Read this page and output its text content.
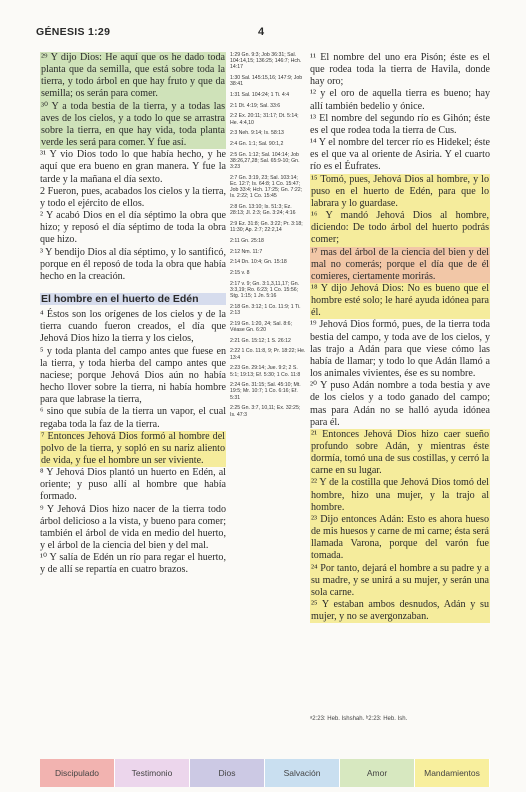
GÉNESIS 1:29	4

²⁹ Y dijo Dios: He aquí que os he dado toda planta que da semilla, que está sobre toda la tierra, y todo árbol en que hay fruto y que da semilla; os serán para comer.

³⁰ Y a toda bestia de la tierra, y a todas las aves de los cielos, y a todo lo que se arrastra sobre la tierra, en que hay vida, toda planta verde les será para comer. Y fue así.

³¹ Y vio Dios todo lo que había hecho, y he aquí que era bueno en gran manera. Y fue la tarde y la mañana el día sexto.

2 Fueron, pues, acabados los cielos y la tierra, y todo el ejército de ellos.

² Y acabó Dios en el día séptimo la obra que hizo; y reposó el día séptimo de toda la obra que hizo.

³ Y bendijo Dios al día séptimo, y lo santificó, porque en él reposó de toda la obra que había hecho en la creación.

El hombre en el huerto de Edén

⁴ Éstos son los orígenes de los cielos y de la tierra cuando fueron creados, el día que Jehová Dios hizo la tierra y los cielos,

⁵ y toda planta del campo antes que fuese en la tierra, y toda hierba del campo antes que naciese; porque Jehová Dios aún no había hecho llover sobre la tierra, ni había hombre para que labrase la tierra,

⁶ sino que subía de la tierra un vapor, el cual regaba toda la faz de la tierra.

⁷ Entonces Jehová Dios formó al hombre del polvo de la tierra, y sopló en su nariz aliento de vida, y fue el hombre un ser viviente.

⁸ Y Jehová Dios plantó un huerto en Edén, al oriente; y puso allí al hombre que había formado.

⁹ Y Jehová Dios hizo nacer de la tierra todo árbol delicioso a la vista, y bueno para comer; también el árbol de vida en medio del huerto, y el árbol de la ciencia del bien y del mal.

¹⁰ Y salía de Edén un río para regar el huerto, y de allí se repartía en cuatro brazos.

1:29 Gn. 9:3; Job 36:31; Sal. 104:14,15; 136:25; 146:7; Hch. 14:17
1:30 Sal. 145:15,16; 147:9; Job 38:41
1:31 Sal. 104:24; 1 Ti. 4:4
2:1 Dt. 4:19; Sal. 33:6
2:2 Ex. 20:11; 31:17; Dt. 5:14; He. 4:4,10
2:3 Neh. 9:14; Is. 58:13
2:4 Gn. 1:1; Sal. 90:1,2
2:5 Gn. 1:12; Sal. 104:14; Job 38:26,27,28; Sal. 65:9-10; Gn. 3:23
2:7 Gn. 3:19, 23; Sal. 103:14; Ec. 12:7; Is. 64:8; 1 Co. 15:47; Job 33:4; Hch. 17:25; Gn. 7:22; Is. 2:22; 1 Co. 15:45
2:8 Gn. 13:10; Is. 51:3; Ez. 28:13; Jl. 2:3; Gn. 3:24; 4:16
2:9 Ez. 31:8; Gn. 3:22; Pr. 3:18; 11:30; Ap. 2:7; 22:2,14
2:11 Gn. 25:18
2:12 Nm. 11:7
2:14 Dn. 10:4; Gn. 15:18
2:15 v. 8
2:17 v. 9; Gn. 3:1,3,11,17; Gn. 3:3,19; Ro. 6:23; 1 Co. 15:56; Stg. 1:15; 1 Jn. 5:16
2:18 Gn. 3:12; 1 Co. 11:9; 1 Ti. 2:13
2:19 Gn. 1:20, 24; Sal. 8:6; Véase Gn. 6:20
2:21 Gn. 15:12; 1 S. 26:12
2:22 1 Co. 11:8, 9; Pr. 18:22; He. 13:4
2:23 Gn. 29:14; Jue. 9:2; 2 S. 5:1; 19:13; Ef. 5:30; 1 Co. 11:8
2:24 Gn. 31:15; Sal. 45:10; Mt. 19:5; Mr. 10:7; 1 Co. 6:16; Ef. 5:31
2:25 Gn. 3:7, 10,11; Ex. 32:25; Is. 47:3

¹¹ El nombre del uno era Pisón; éste es el que rodea toda la tierra de Havila, donde hay oro;

¹² y el oro de aquella tierra es bueno; hay allí también bedelio y ónice.

¹³ El nombre del segundo río es Gihón; éste es el que rodea toda la tierra de Cus.

¹⁴ Y el nombre del tercer río es Hidekel; éste es el que va al oriente de Asiria. Y el cuarto río es el Éufrates.

¹⁵ Tomó, pues, Jehová Dios al hombre, y lo puso en el huerto de Edén, para que lo labrara y lo guardase.

¹⁶ Y mandó Jehová Dios al hombre, diciendo: De todo árbol del huerto podrás comer;

¹⁷ mas del árbol de la ciencia del bien y del mal no comerás; porque el día que de él comieres, ciertamente morirás.

¹⁸ Y dijo Jehová Dios: No es bueno que el hombre esté solo; le haré ayuda idónea para él.

¹⁹ Jehová Dios formó, pues, de la tierra toda bestia del campo, y toda ave de los cielos, y las trajo a Adán para que viese cómo las había de llamar; y todo lo que Adán llamó a los animales vivientes, ése es su nombre.

²⁰ Y puso Adán nombre a toda bestia y ave de los cielos y a todo ganado del campo; mas para Adán no se halló ayuda idónea para él.

²¹ Entonces Jehová Dios hizo caer sueño profundo sobre Adán, y mientras éste dormía, tomó una de sus costillas, y cerró la carne en su lugar.

²² Y de la costilla que Jehová Dios tomó del hombre, hizo una mujer, y la trajo al hombre.

²³ Dijo entonces Adán: Esto es ahora hueso de mis huesos y carne de mi carne; ésta será llamada Varona, porque del varón fue tomada.

²⁴ Por tanto, dejará el hombre a su padre y a su madre, y se unirá a su mujer, y serán una sola carne.

²⁵ Y estaban ambos desnudos, Adán y su mujer, y no se avergonzaban.

ᵃ2:23: Heb. Ishshah. ᵇ2:23: Heb. Ish.
Discipulado	Testimonio	Dios	Salvación	Amor	Mandamientos
